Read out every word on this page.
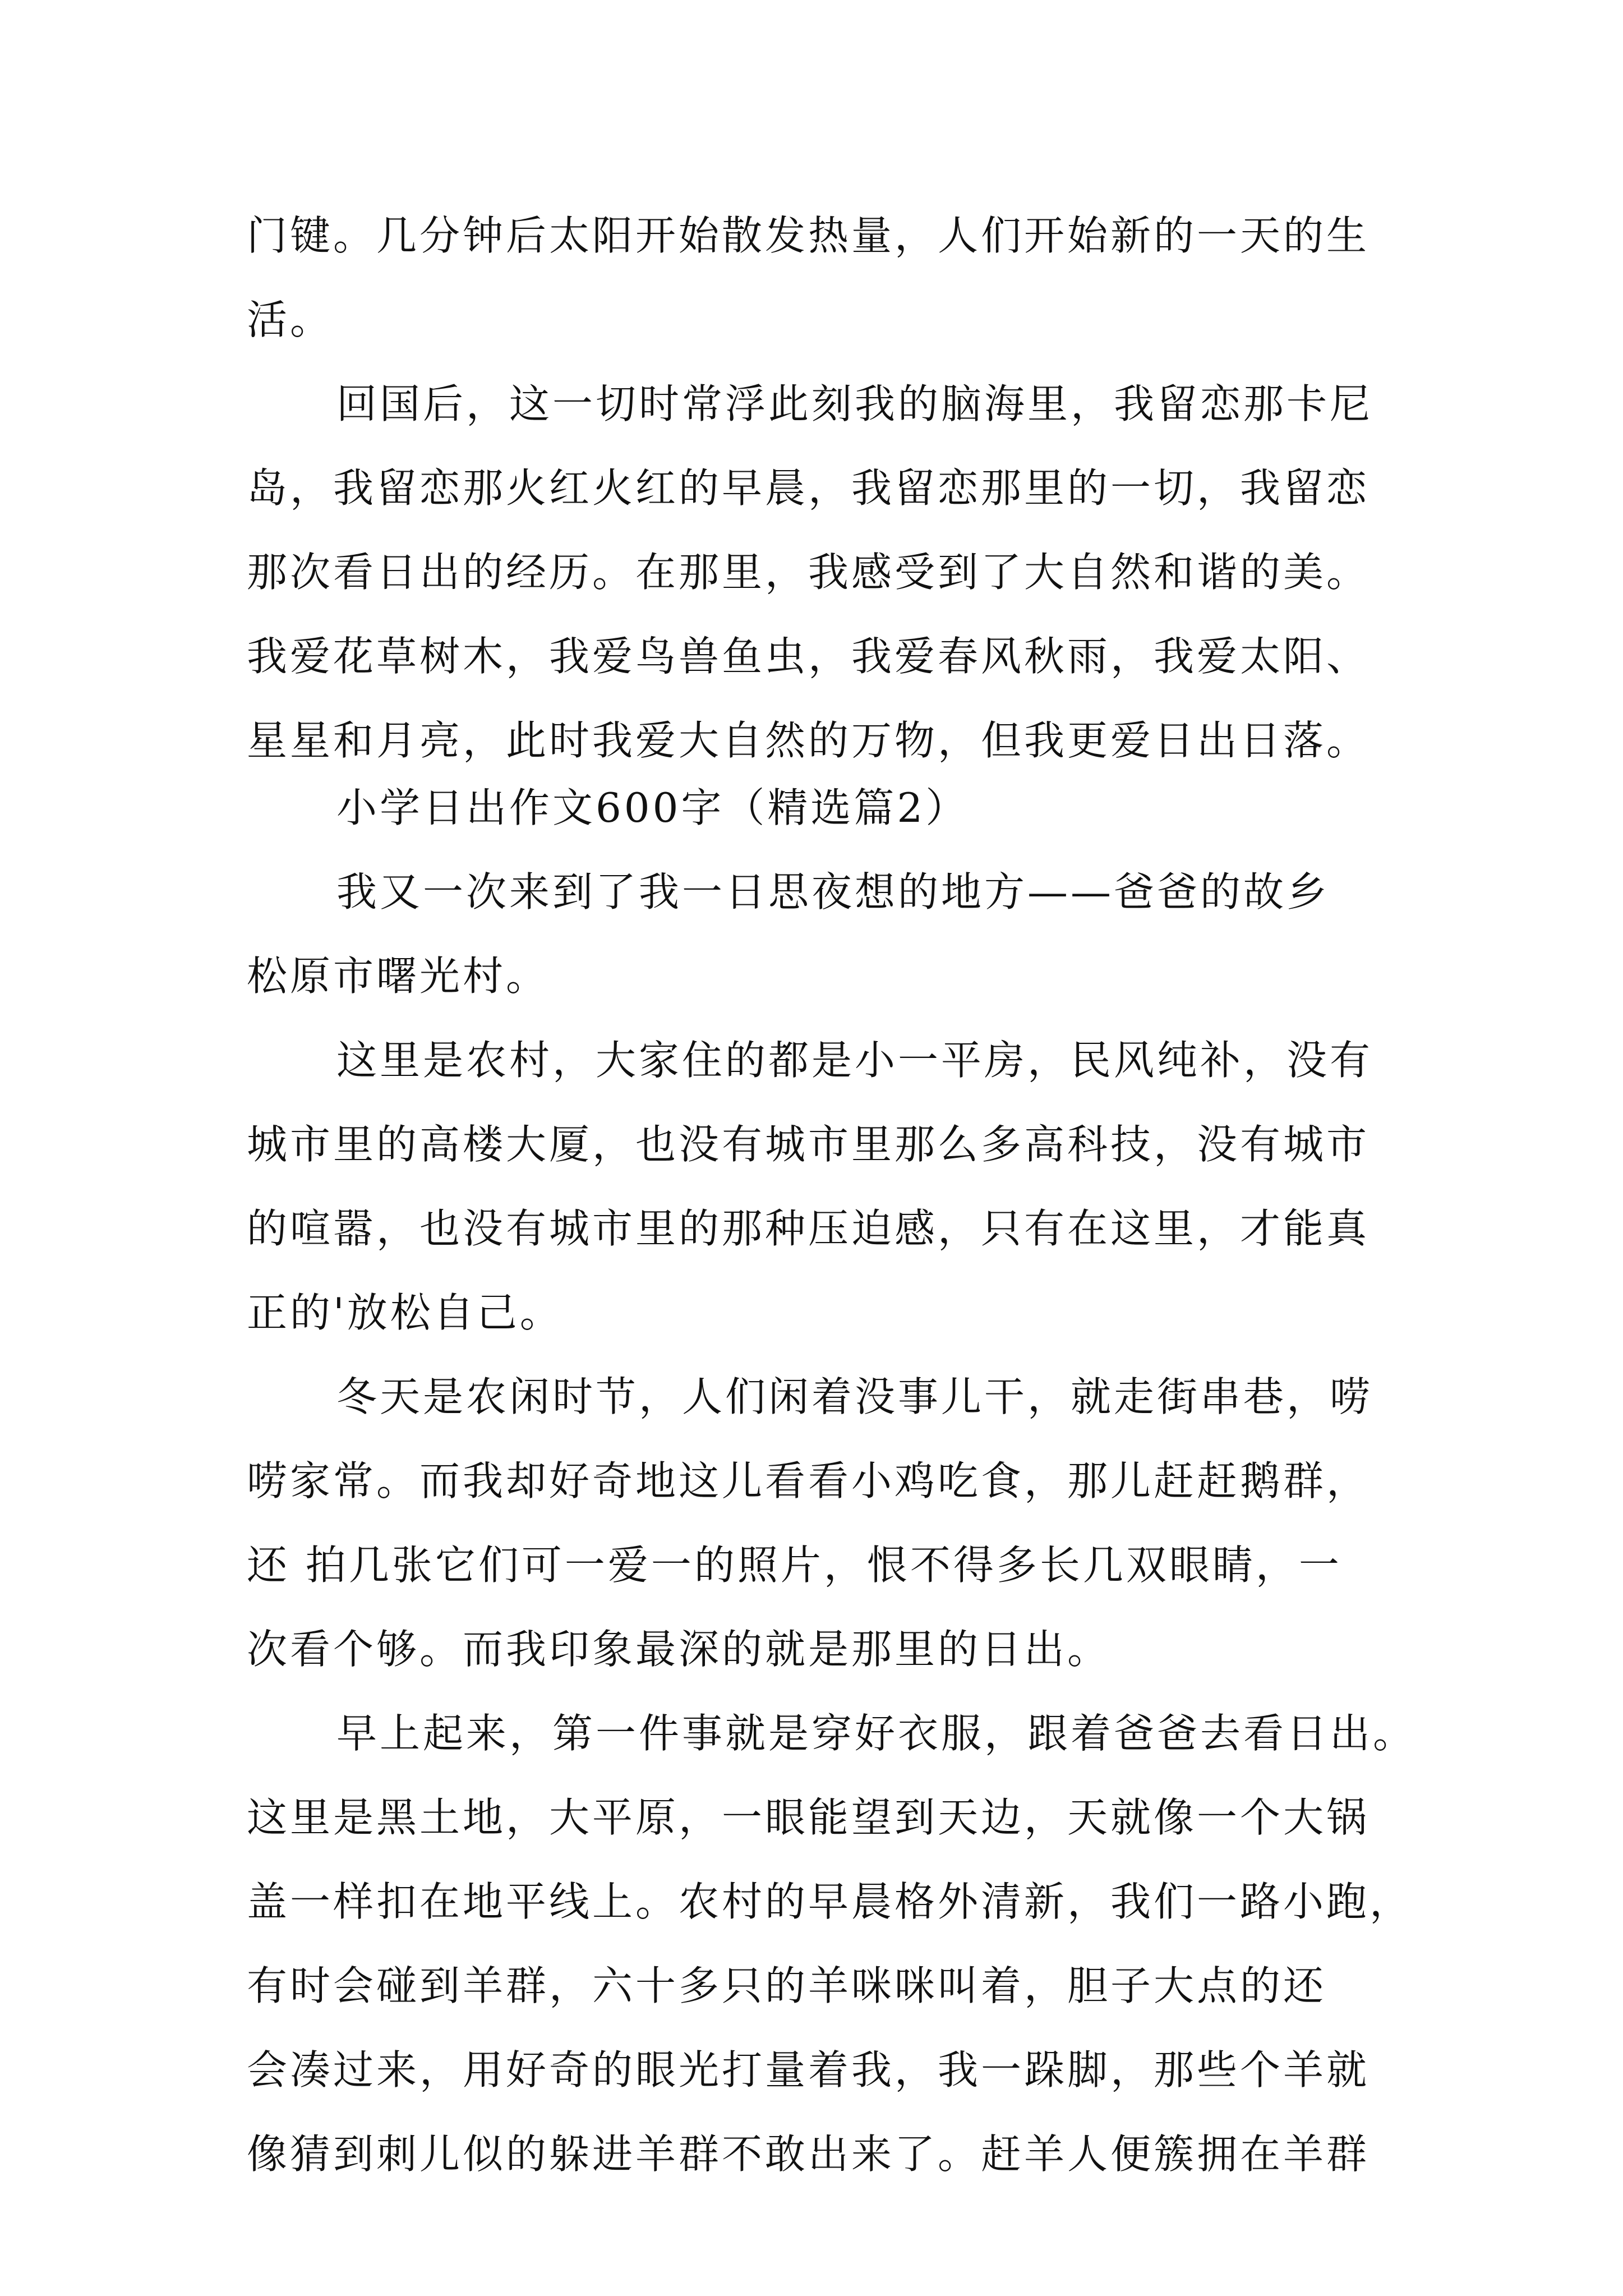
门键。几分钟后太阳开始散发热量，人们开始新的一天的生
活。
回国后，这一切时常浮此刻我的脑海里，我留恋那卡尼
岛，我留恋那火红火红的早晨，我留恋那里的一切，我留恋
那次看日出的经历。在那里，我感受到了大自然和谐的美。
我爱花草树木，我爱鸟兽鱼虫，我爱春风秋雨，我爱太阳、
星星和月亮，此时我爱大自然的万物，但我更爱日出日落。
小学日出作文600字（精选篇2）
我又一次来到了我一日思夜想的地方——爸爸的故乡
松原市曙光村。
这里是农村，大家住的都是小一平房，民风纯补，没有
城市里的高楼大厦，也没有城市里那么多高科技，没有城市
的喧嚣，也没有城市里的那种压迫感，只有在这里，才能真
正的'放松自己。
冬天是农闲时节，人们闲着没事儿干，就走街串巷，唠
唠家常。而我却好奇地这儿看看小鸡吃食，那儿赶赶鹅群，
还 拍几张它们可一爱一的照片，恨不得多长几双眼睛，一
次看个够。而我印象最深的就是那里的日出。
早上起来，第一件事就是穿好衣服，跟着爸爸去看日出。
这里是黑土地，大平原，一眼能望到天边，天就像一个大锅
盖一样扣在地平线上。农村的早晨格外清新，我们一路小跑，
有时会碰到羊群，六十多只的羊咪咪叫着，胆子大点的还
会凑过来，用好奇的眼光打量着我，我一跺脚，那些个羊就
像猜到刺儿似的躲进羊群不敢出来了。赶羊人便簇拥在羊群
